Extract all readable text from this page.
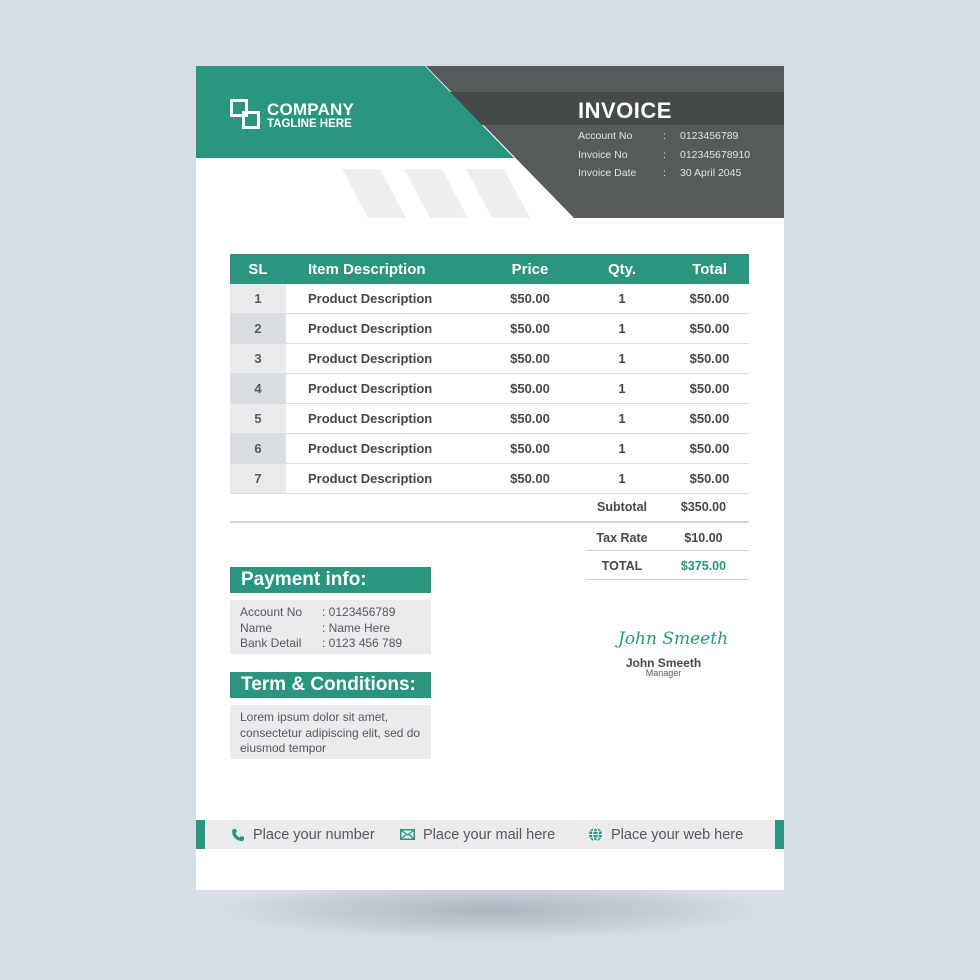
COMPANY
TAGLINE HERE
INVOICE
Account No	: 0123456789
Invoice No	: 012345678910
Invoice Date	: 30 April 2045
SL	Item Description	Price	Qty.	Total
1	Product Description	$50.00	1	$50.00
2	Product Description	$50.00	1	$50.00
3	Product Description	$50.00	1	$50.00
4	Product Description	$50.00	1	$50.00
5	Product Description	$50.00	1	$50.00
6	Product Description	$50.00	1	$50.00
7	Product Description	$50.00	1	$50.00
Subtotal	$350.00
Tax Rate	$10.00
TOTAL	$375.00
Payment info:
Account No : 0123456789
Name	: Name Here
Bank Detail : 0123 456 789
Term & Conditions:
Lorem ipsum dolor sit amet, consectetur adipiscing elit, sed do eiusmod tempor
John Smeeth
John Smeeth
Manager
Place your number	Place your mail here	Place your web here
